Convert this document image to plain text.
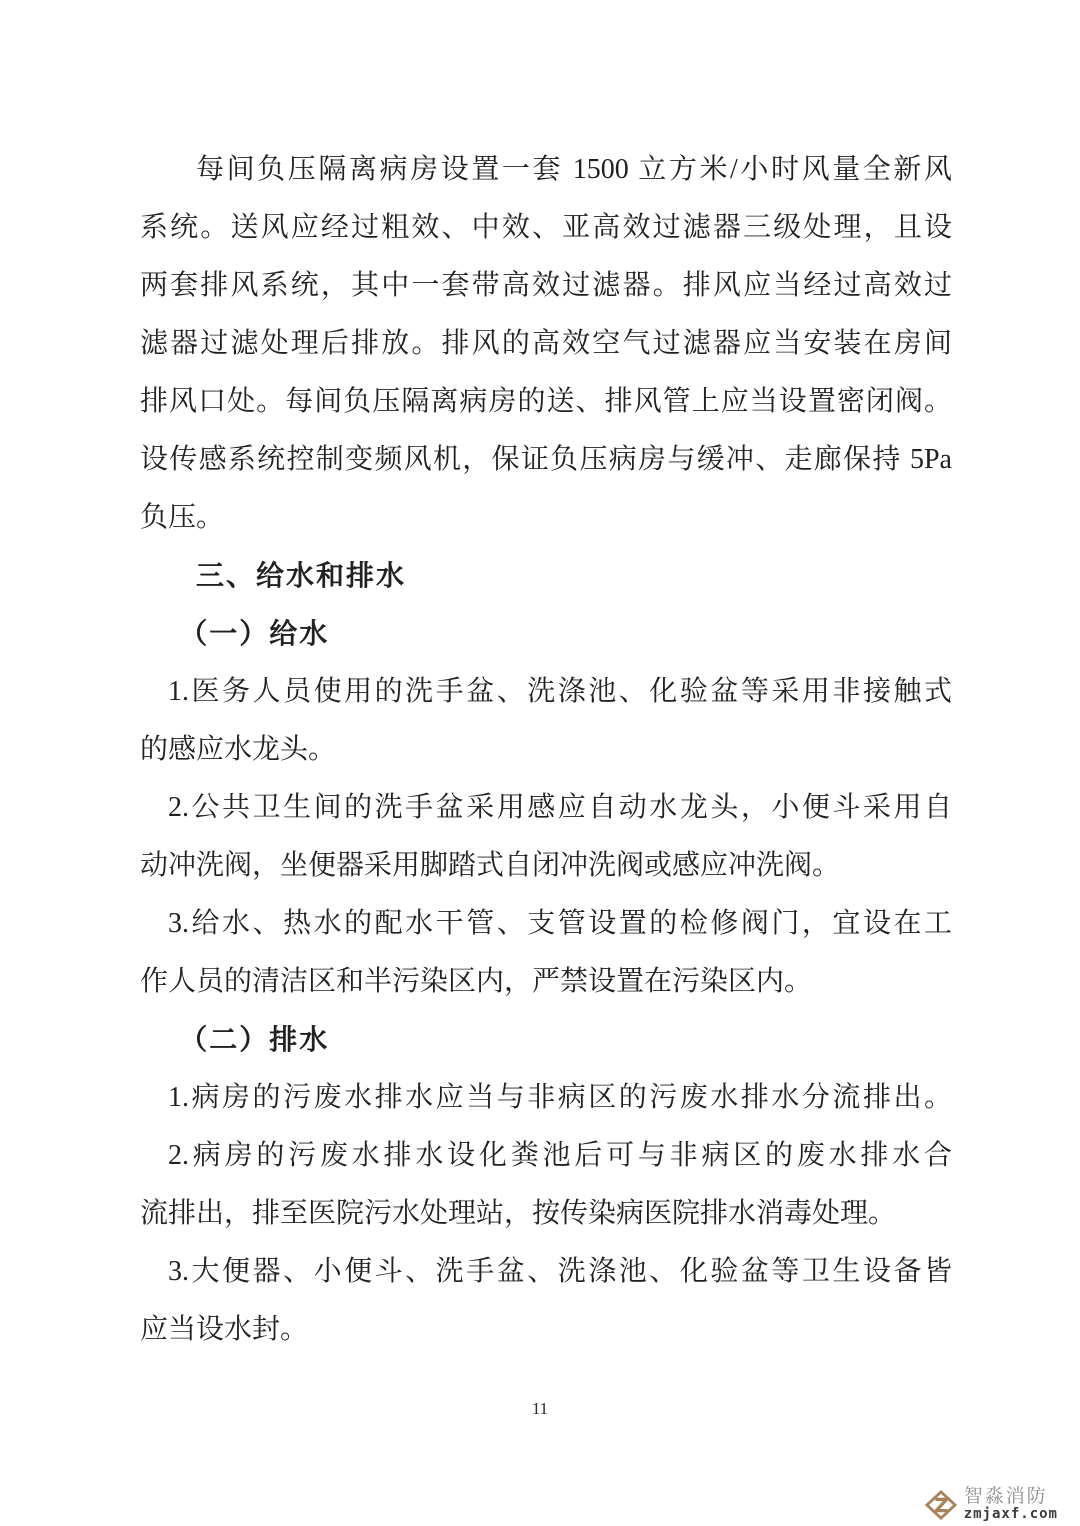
每间负压隔离病房设置一套 1500 立方米/小时风量全新风
系统。送风应经过粗效、中效、亚高效过滤器三级处理，且设
两套排风系统，其中一套带高效过滤器。排风应当经过高效过
滤器过滤处理后排放。排风的高效空气过滤器应当安装在房间
排风口处。每间负压隔离病房的送、排风管上应当设置密闭阀。
设传感系统控制变频风机，保证负压病房与缓冲、走廊保持 5Pa
负压。
三、给水和排水
（一）给水
1.医务人员使用的洗手盆、洗涤池、化验盆等采用非接触式
的感应水龙头。
2.公共卫生间的洗手盆采用感应自动水龙头，小便斗采用自
动冲洗阀，坐便器采用脚踏式自闭冲洗阀或感应冲洗阀。
3.给水、热水的配水干管、支管设置的检修阀门，宜设在工
作人员的清洁区和半污染区内，严禁设置在污染区内。
（二）排水
1.病房的污废水排水应当与非病区的污废水排水分流排出。
2.病房的污废水排水设化粪池后可与非病区的废水排水合
流排出，排至医院污水处理站，按传染病医院排水消毒处理。
3.大便器、小便斗、洗手盆、洗涤池、化验盆等卫生设备皆
应当设水封。
11
智淼消防
zmjaxf.com
